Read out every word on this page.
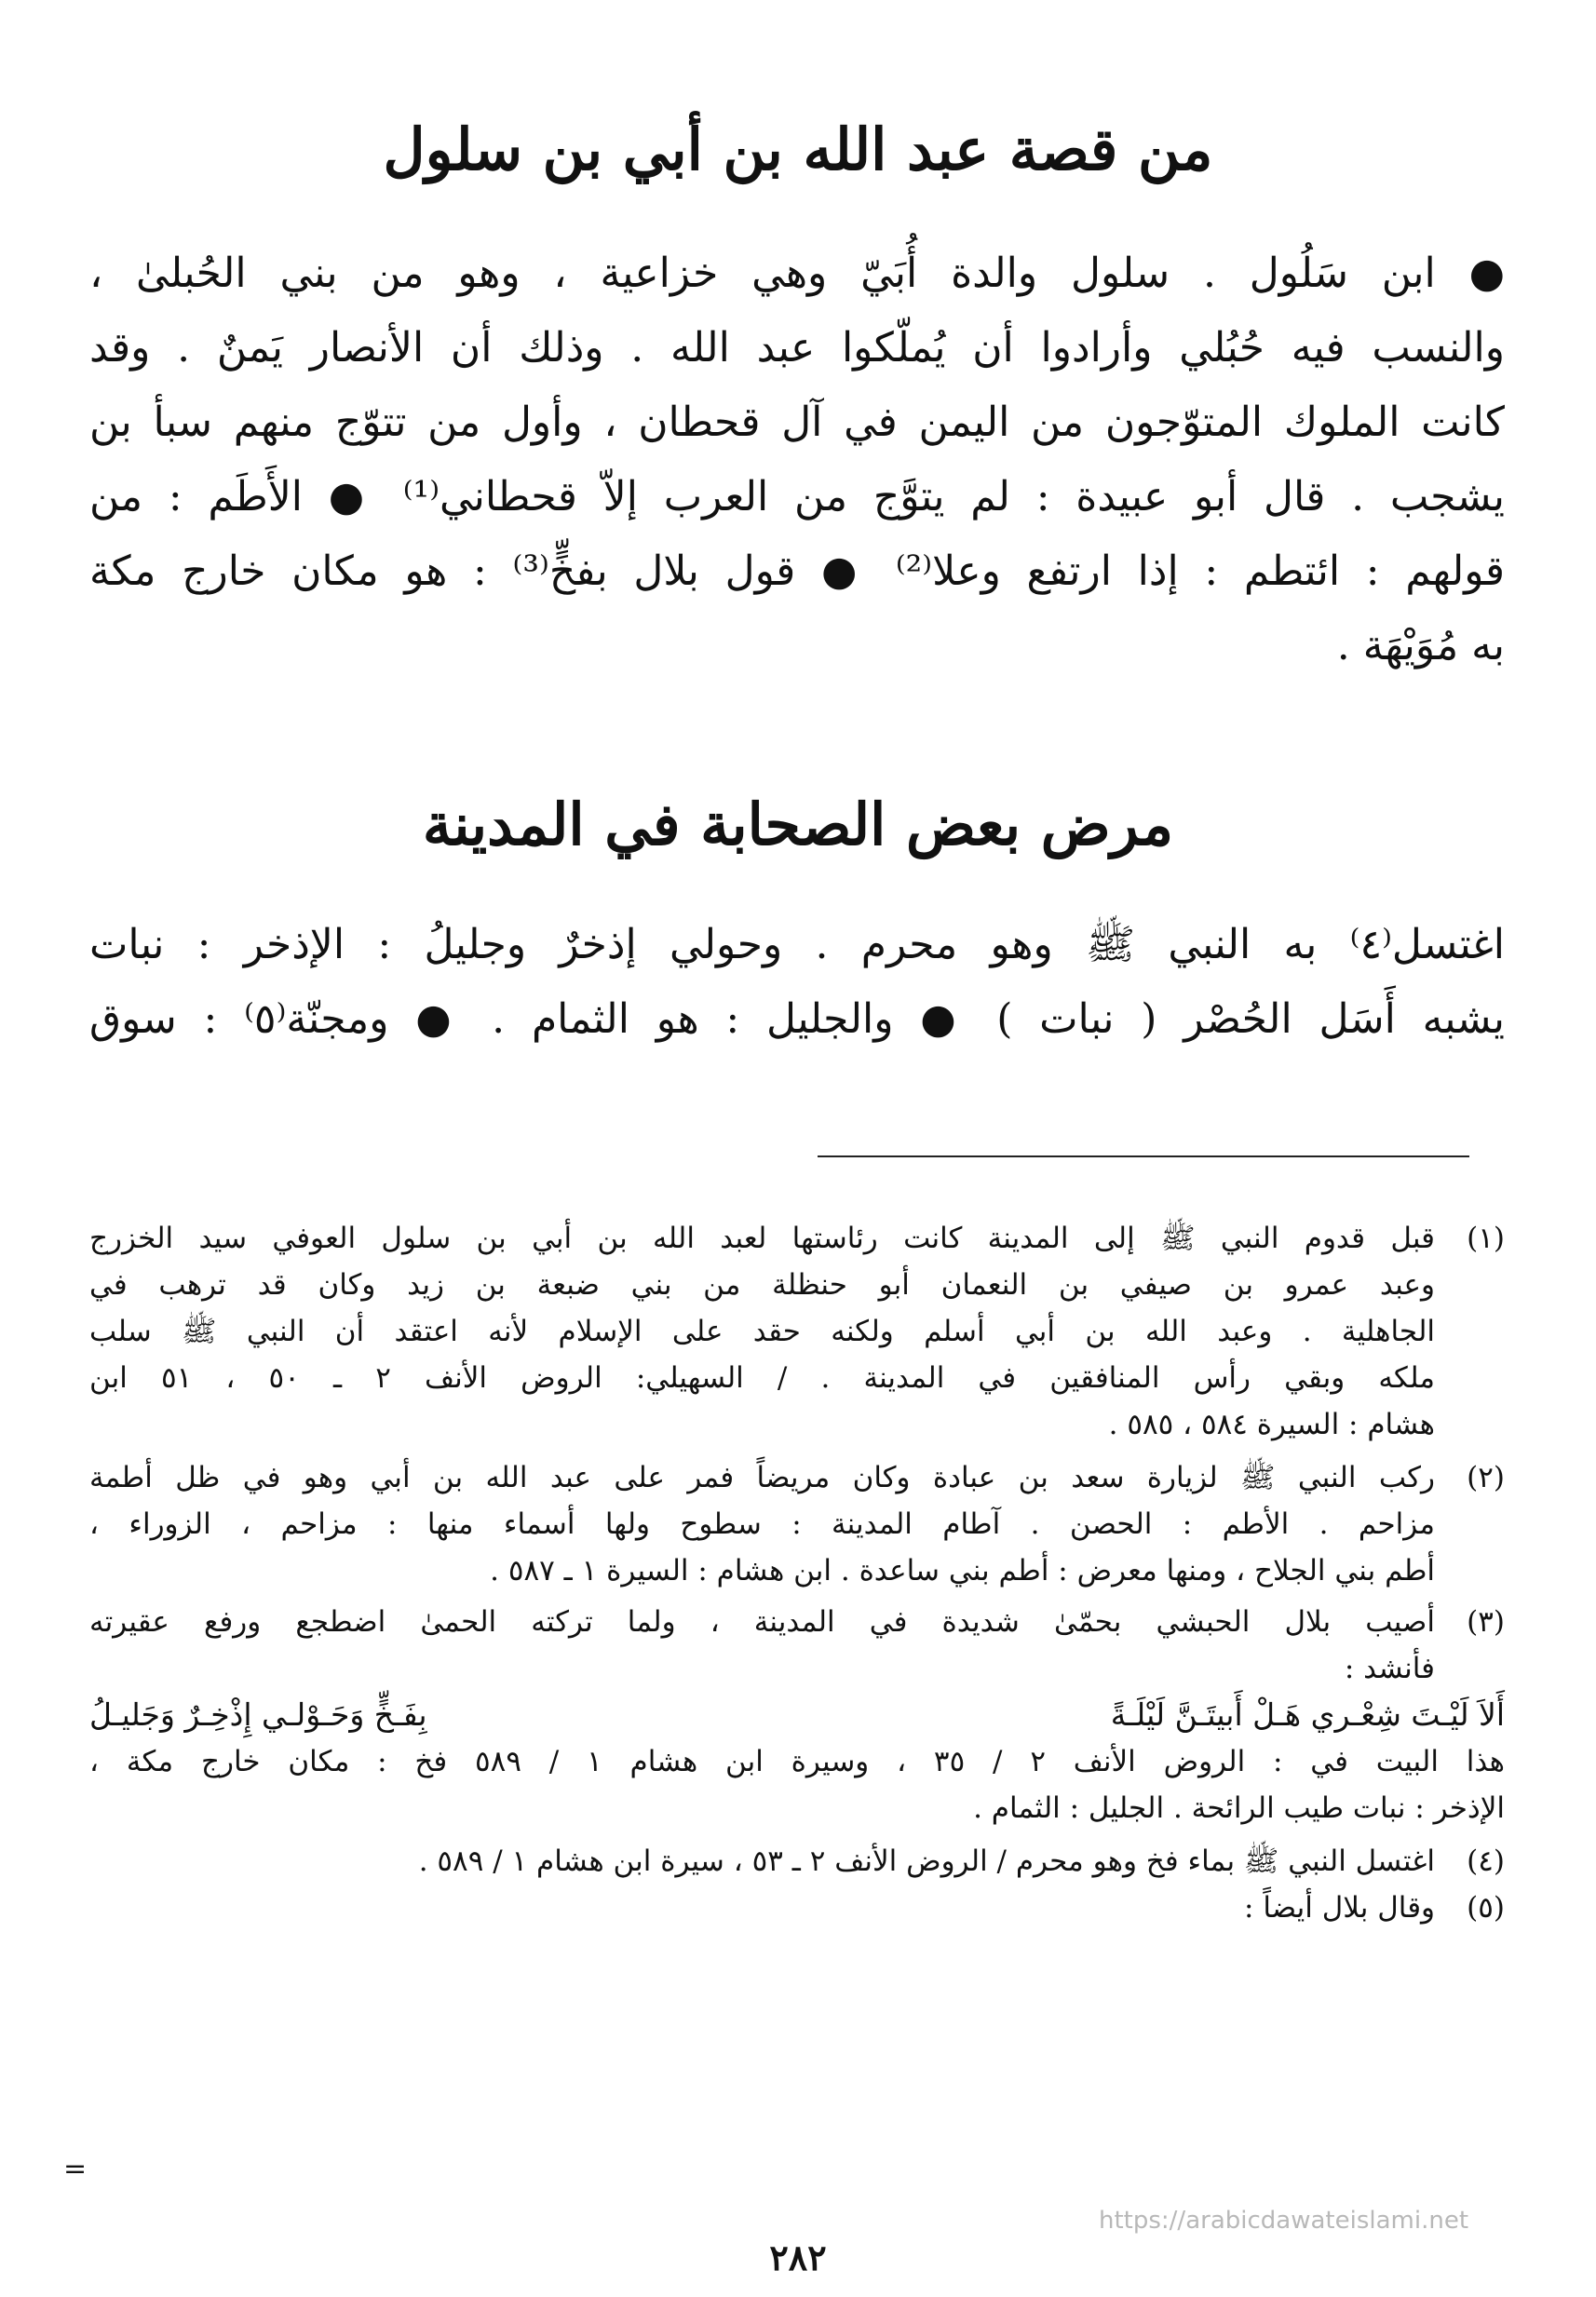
من قصة عبد الله بن أبي بن سلول
● ابن سَلُول . سلول والدة أُبَيّ وهي خزاعية ، وهو من بني الحُبلىٰ ،
والنسب فيه حُبُلي وأرادوا أن يُملّكوا عبد الله . وذلك أن الأنصار يَمنٌ . وقد
كانت الملوك المتوّجون من اليمن في آل قحطان ، وأول من تتوّج منهم سبأ بن
يشجب . قال أبو عبيدة : لم يتوَّج من العرب إلاّ قحطاني⁽¹⁾ ● الأَطَم : من
قولهم : ائتطم : إذا ارتفع وعلا⁽²⁾ ● قول بلال بفخٍّ⁽³⁾ : هو مكان خارج مكة
به مُوَيْهَة .
مرض بعض الصحابة في المدينة
اغتسل⁽٤⁾ به النبي ﷺ وهو محرم . وحولي إذخرٌ وجليلُ : الإذخر : نبات
يشبه أَسَل الحُصْر ( نبات ) ● والجليل : هو الثمام . ● ومجنّة⁽٥⁾ : سوق
(١)
قبل قدوم النبي ﷺ إلى المدينة كانت رئاستها لعبد الله بن أبي بن سلول العوفي سيد الخزرج
وعبد عمرو بن صيفي بن النعمان أبو حنظلة من بني ضبعة بن زيد وكان قد ترهب في
الجاهلية . وعبد الله بن أبي أسلم ولكنه حقد على الإسلام لأنه اعتقد أن النبي ﷺ سلب
ملكه وبقي رأس المنافقين في المدينة . / السهيلي: الروض الأنف ٢ ـ ٥٠ ، ٥١ ابن
هشام : السيرة ٥٨٤ ، ٥٨٥ .
(٢)
ركب النبي ﷺ لزيارة سعد بن عبادة وكان مريضاً فمر على عبد الله بن أبي وهو في ظل أطمة
مزاحم . الأطم : الحصن . آطام المدينة : سطوح ولها أسماء منها : مزاحم ، الزوراء ،
أطم بني الجلاح ، ومنها معرض : أطم بني ساعدة . ابن هشام : السيرة ١ ـ ٥٨٧ .
(٣)
أصيب بلال الحبشي بحمّىٰ شديدة في المدينة ، ولما تركته الحمىٰ اضطجع ورفع عقيرته
فأنشد :
أَلاَ لَيْـتَ شِعْـري هَـلْ أَبيتَـنَّ لَيْلَـةً
بِفَـخٍّ وَحَـوْلـي إِذْخِـرٌ وَجَليـلُ
هذا البيت في : الروض الأنف ٢ / ٣٥ ، وسيرة ابن هشام ١ / ٥٨٩ فخ : مكان خارج مكة ،
الإذخر : نبات طيب الرائحة . الجليل : الثمام .
(٤)
اغتسل النبي ﷺ بماء فخ وهو محرم / الروض الأنف ٢ ـ ٥٣ ، سيرة ابن هشام ١ / ٥٨٩ .
(٥)
وقال بلال أيضاً :
=
https://arabicdawateislami.net
٢٨٢
